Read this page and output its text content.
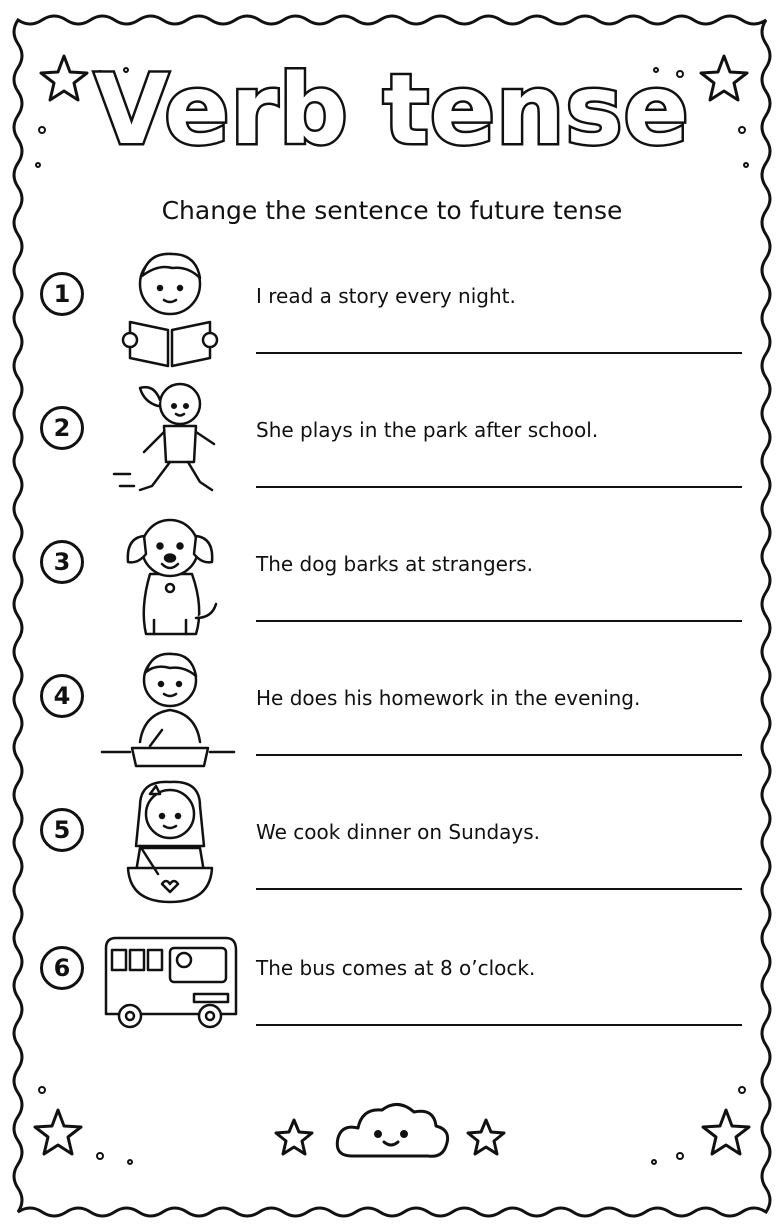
Verb tense
Change the sentence to future tense
1	I read a story every night.
2	She plays in the park after school.
3	The dog barks at strangers.
4	He does his homework in the evening.
5	We cook dinner on Sundays.
6	The bus comes at 8 o’clock.
